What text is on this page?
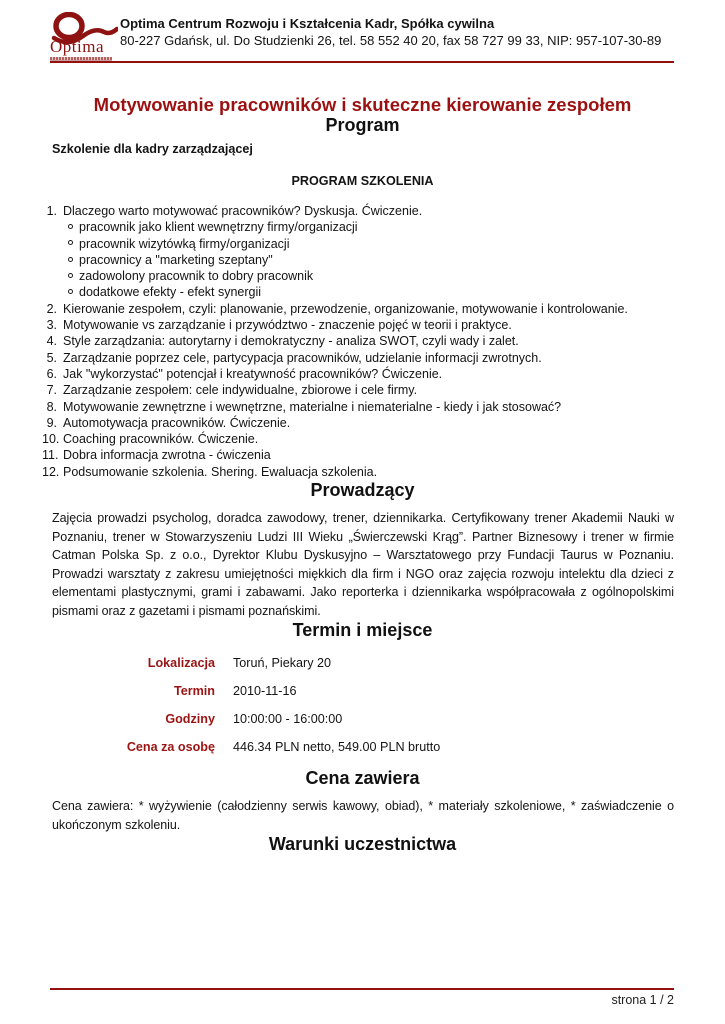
Optima
Optima Centrum Rozwoju i Kształcenia Kadr, Spółka cywilna
80-227 Gdańsk, ul. Do Studzienki 26, tel. 58 552 40 20, fax 58 727 99 33, NIP: 957-107-30-89
Motywowanie pracowników i skuteczne kierowanie zespołem
Program
Szkolenie dla kadry zarządzającej
PROGRAM SZKOLENIA
1. Dlaczego warto motywować pracowników? Dyskusja. Ćwiczenie.
pracownik jako klient wewnętrzny firmy/organizacji
pracownik wizytówką firmy/organizacji
pracownicy a "marketing szeptany"
zadowolony pracownik to dobry pracownik
dodatkowe efekty - efekt synergii
2. Kierowanie zespołem, czyli: planowanie, przewodzenie, organizowanie, motywowanie i kontrolowanie.
3. Motywowanie vs zarządzanie i przywództwo - znaczenie pojęć w teorii i praktyce.
4. Style zarządzania: autorytarny i demokratyczny - analiza SWOT, czyli wady i zalet.
5. Zarządzanie poprzez cele, partycypacja pracowników, udzielanie informacji zwrotnych.
6. Jak "wykorzystać" potencjał i kreatywność pracowników? Ćwiczenie.
7. Zarządzanie zespołem: cele indywidualne, zbiorowe i cele firmy.
8. Motywowanie zewnętrzne i wewnętrzne, materialne i niematerialne - kiedy i jak stosować?
9. Automotywacja pracowników. Ćwiczenie.
10. Coaching pracowników. Ćwiczenie.
11. Dobra informacja zwrotna - ćwiczenia
12. Podsumowanie szkolenia. Shering. Ewaluacja szkolenia.
Prowadzący

Zajęcia prowadzi psycholog, doradca zawodowy, trener, dziennikarka. Certyfikowany trener Akademii Nauki w Poznaniu, trener w Stowarzyszeniu Ludzi III Wieku „Świerczewski Krąg”. Partner Biznesowy i trener w firmie Catman Polska Sp. z o.o., Dyrektor Klubu Dyskusyjno – Warsztatowego przy Fundacji Taurus w Poznaniu. Prowadzi warsztaty z zakresu umiejętności miękkich dla firm i NGO oraz zajęcia rozwoju intelektu dla dzieci z elementami plastycznymi, grami i zabawami. Jako reporterka i dziennikarka współpracowała z ogólnopolskimi pismami oraz z gazetami i pismami poznańskimi.

Termin i miejsce
Lokalizacja Toruń, Piekary 20
Termin 2010-11-16
Godziny 10:00:00 - 16:00:00
Cena za osobę 446.34 PLN netto, 549.00 PLN brutto
Cena zawiera

Cena zawiera: * wyżywienie (całodzienny serwis kawowy, obiad), * materiały szkoleniowe, * zaświadczenie o ukończonym szkoleniu.

Warunki uczestnictwa
strona 1 / 2
